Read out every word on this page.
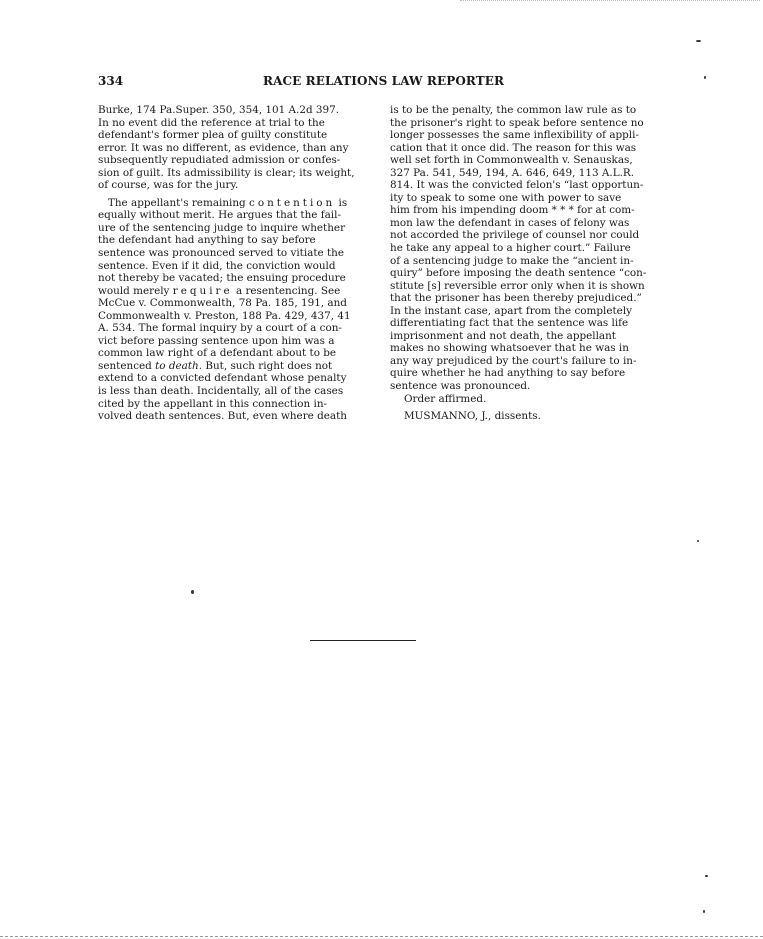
334	RACE RELATIONS LAW REPORTER

Burke, 174 Pa.Super. 350, 354, 101 A.2d 397.
In no event did the reference at trial to the
defendant's former plea of guilty constitute
error. It was no different, as evidence, than any
subsequently repudiated admission or confes-
sion of guilt. Its admissibility is clear; its weight,
of course, was for the jury.

The appellant's remaining contention is
equally without merit. He argues that the fail-
ure of the sentencing judge to inquire whether
the defendant had anything to say before
sentence was pronounced served to vitiate the
sentence. Even if it did, the conviction would
not thereby be vacated; the ensuing procedure
would merely require a resentencing. See
McCue v. Commonwealth, 78 Pa. 185, 191, and
Commonwealth v. Preston, 188 Pa. 429, 437, 41
A. 534. The formal inquiry by a court of a con-
vict before passing sentence upon him was a
common law right of a defendant about to be
sentenced to death. But, such right does not
extend to a convicted defendant whose penalty
is less than death. Incidentally, all of the cases
cited by the appellant in this connection in-
volved death sentences. But, even where death

is to be the penalty, the common law rule as to
the prisoner's right to speak before sentence no
longer possesses the same inflexibility of appli-
cation that it once did. The reason for this was
well set forth in Commonwealth v. Senauskas,
327 Pa. 541, 549, 194, A. 646, 649, 113 A.L.R.
814. It was the convicted felon's “last opportun-
ity to speak to some one with power to save
him from his impending doom * * * for at com-
mon law the defendant in cases of felony was
not accorded the privilege of counsel nor could
he take any appeal to a higher court.” Failure
of a sentencing judge to make the “ancient in-
quiry” before imposing the death sentence “con-
stitute [s] reversible error only when it is shown
that the prisoner has been thereby prejudiced.”
In the instant case, apart from the completely
differentiating fact that the sentence was life
imprisonment and not death, the appellant
makes no showing whatsoever that he was in
any way prejudiced by the court's failure to in-
quire whether he had anything to say before
sentence was pronounced.

Order affirmed.

MUSMANNO, J., dissents.
